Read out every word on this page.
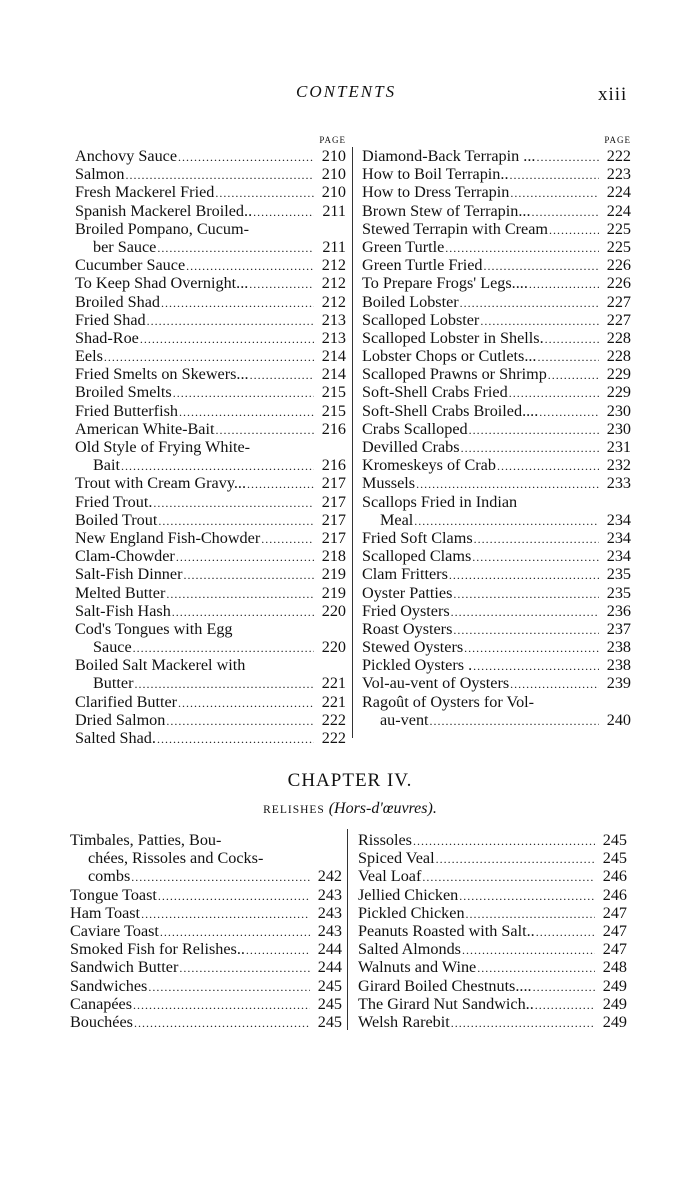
CONTENTS	xiii
PAGE
Anchovy Sauce .....	210
Salmon .....	210
Fresh Mackerel Fried .....	210
Spanish Mackerel Broiled.. .....	211
Broiled Pompano, Cucum-
ber Sauce .....	211
Cucumber Sauce .....	212
To Keep Shad Overnight... .....	212
Broiled Shad .....	212
Fried Shad .....	213
Shad-Roe .....	213
Eels .....	214
Fried Smelts on Skewers... .....	214
Broiled Smelts .....	215
Fried Butterfish .....	215
American White-Bait .....	216
Old Style of Frying White-
Bait .....	216
Trout with Cream Gravy... .....	217
Fried Trout. .....	217
Boiled Trout .....	217
New England Fish-Chowder .....	217
Clam-Chowder .....	218
Salt-Fish Dinner .....	219
Melted Butter .....	219
Salt-Fish Hash .....	220
Cod's Tongues with Egg
Sauce .....	220
Boiled Salt Mackerel with
Butter .....	221
Clarified Butter .....	221
Dried Salmon .....	222
Salted Shad. .....	222
PAGE
Diamond-Back Terrapin ... .....	222
How to Boil Terrapin.. .....	223
How to Dress Terrapin .....	224
Brown Stew of Terrapin... .....	224
Stewed Terrapin with Cream .....	225
Green Turtle .....	225
Green Turtle Fried .....	226
To Prepare Frogs' Legs.... .....	226
Boiled Lobster .....	227
Scalloped Lobster .....	227
Scalloped Lobster in Shells. .....	228
Lobster Chops or Cutlets... .....	228
Scalloped Prawns or Shrimp .....	229
Soft-Shell Crabs Fried .....	229
Soft-Shell Crabs Broiled.... .....	230
Crabs Scalloped .....	230
Devilled Crabs .....	231
Kromeskeys of Crab .....	232
Mussels .....	233
Scallops Fried in Indian
Meal .....	234
Fried Soft Clams .....	234
Scalloped Clams .....	234
Clam Fritters .....	235
Oyster Patties .....	235
Fried Oysters .....	236
Roast Oysters .....	237
Stewed Oysters .....	238
Pickled Oysters . .....	238
Vol-au-vent of Oysters .....	239
Ragoût of Oysters for Vol-
au-vent .....	240
CHAPTER IV.
RELISHES (Hors-d'œuvres).
Timbales, Patties, Bou-
chées, Rissoles and Cocks-
combs .....	242
Tongue Toast .....	243
Ham Toast .....	243
Caviare Toast .....	243
Smoked Fish for Relishes.. .....	244
Sandwich Butter .....	244
Sandwiches .....	245
Canapées .....	245
Bouchées .....	245
Rissoles .....	245
Spiced Veal .....	245
Veal Loaf .....	246
Jellied Chicken .....	246
Pickled Chicken .....	247
Peanuts Roasted with Salt.. .....	247
Salted Almonds .....	247
Walnuts and Wine .....	248
Girard Boiled Chestnuts.... .....	249
The Girard Nut Sandwich.. .....	249
Welsh Rarebit .....	249
